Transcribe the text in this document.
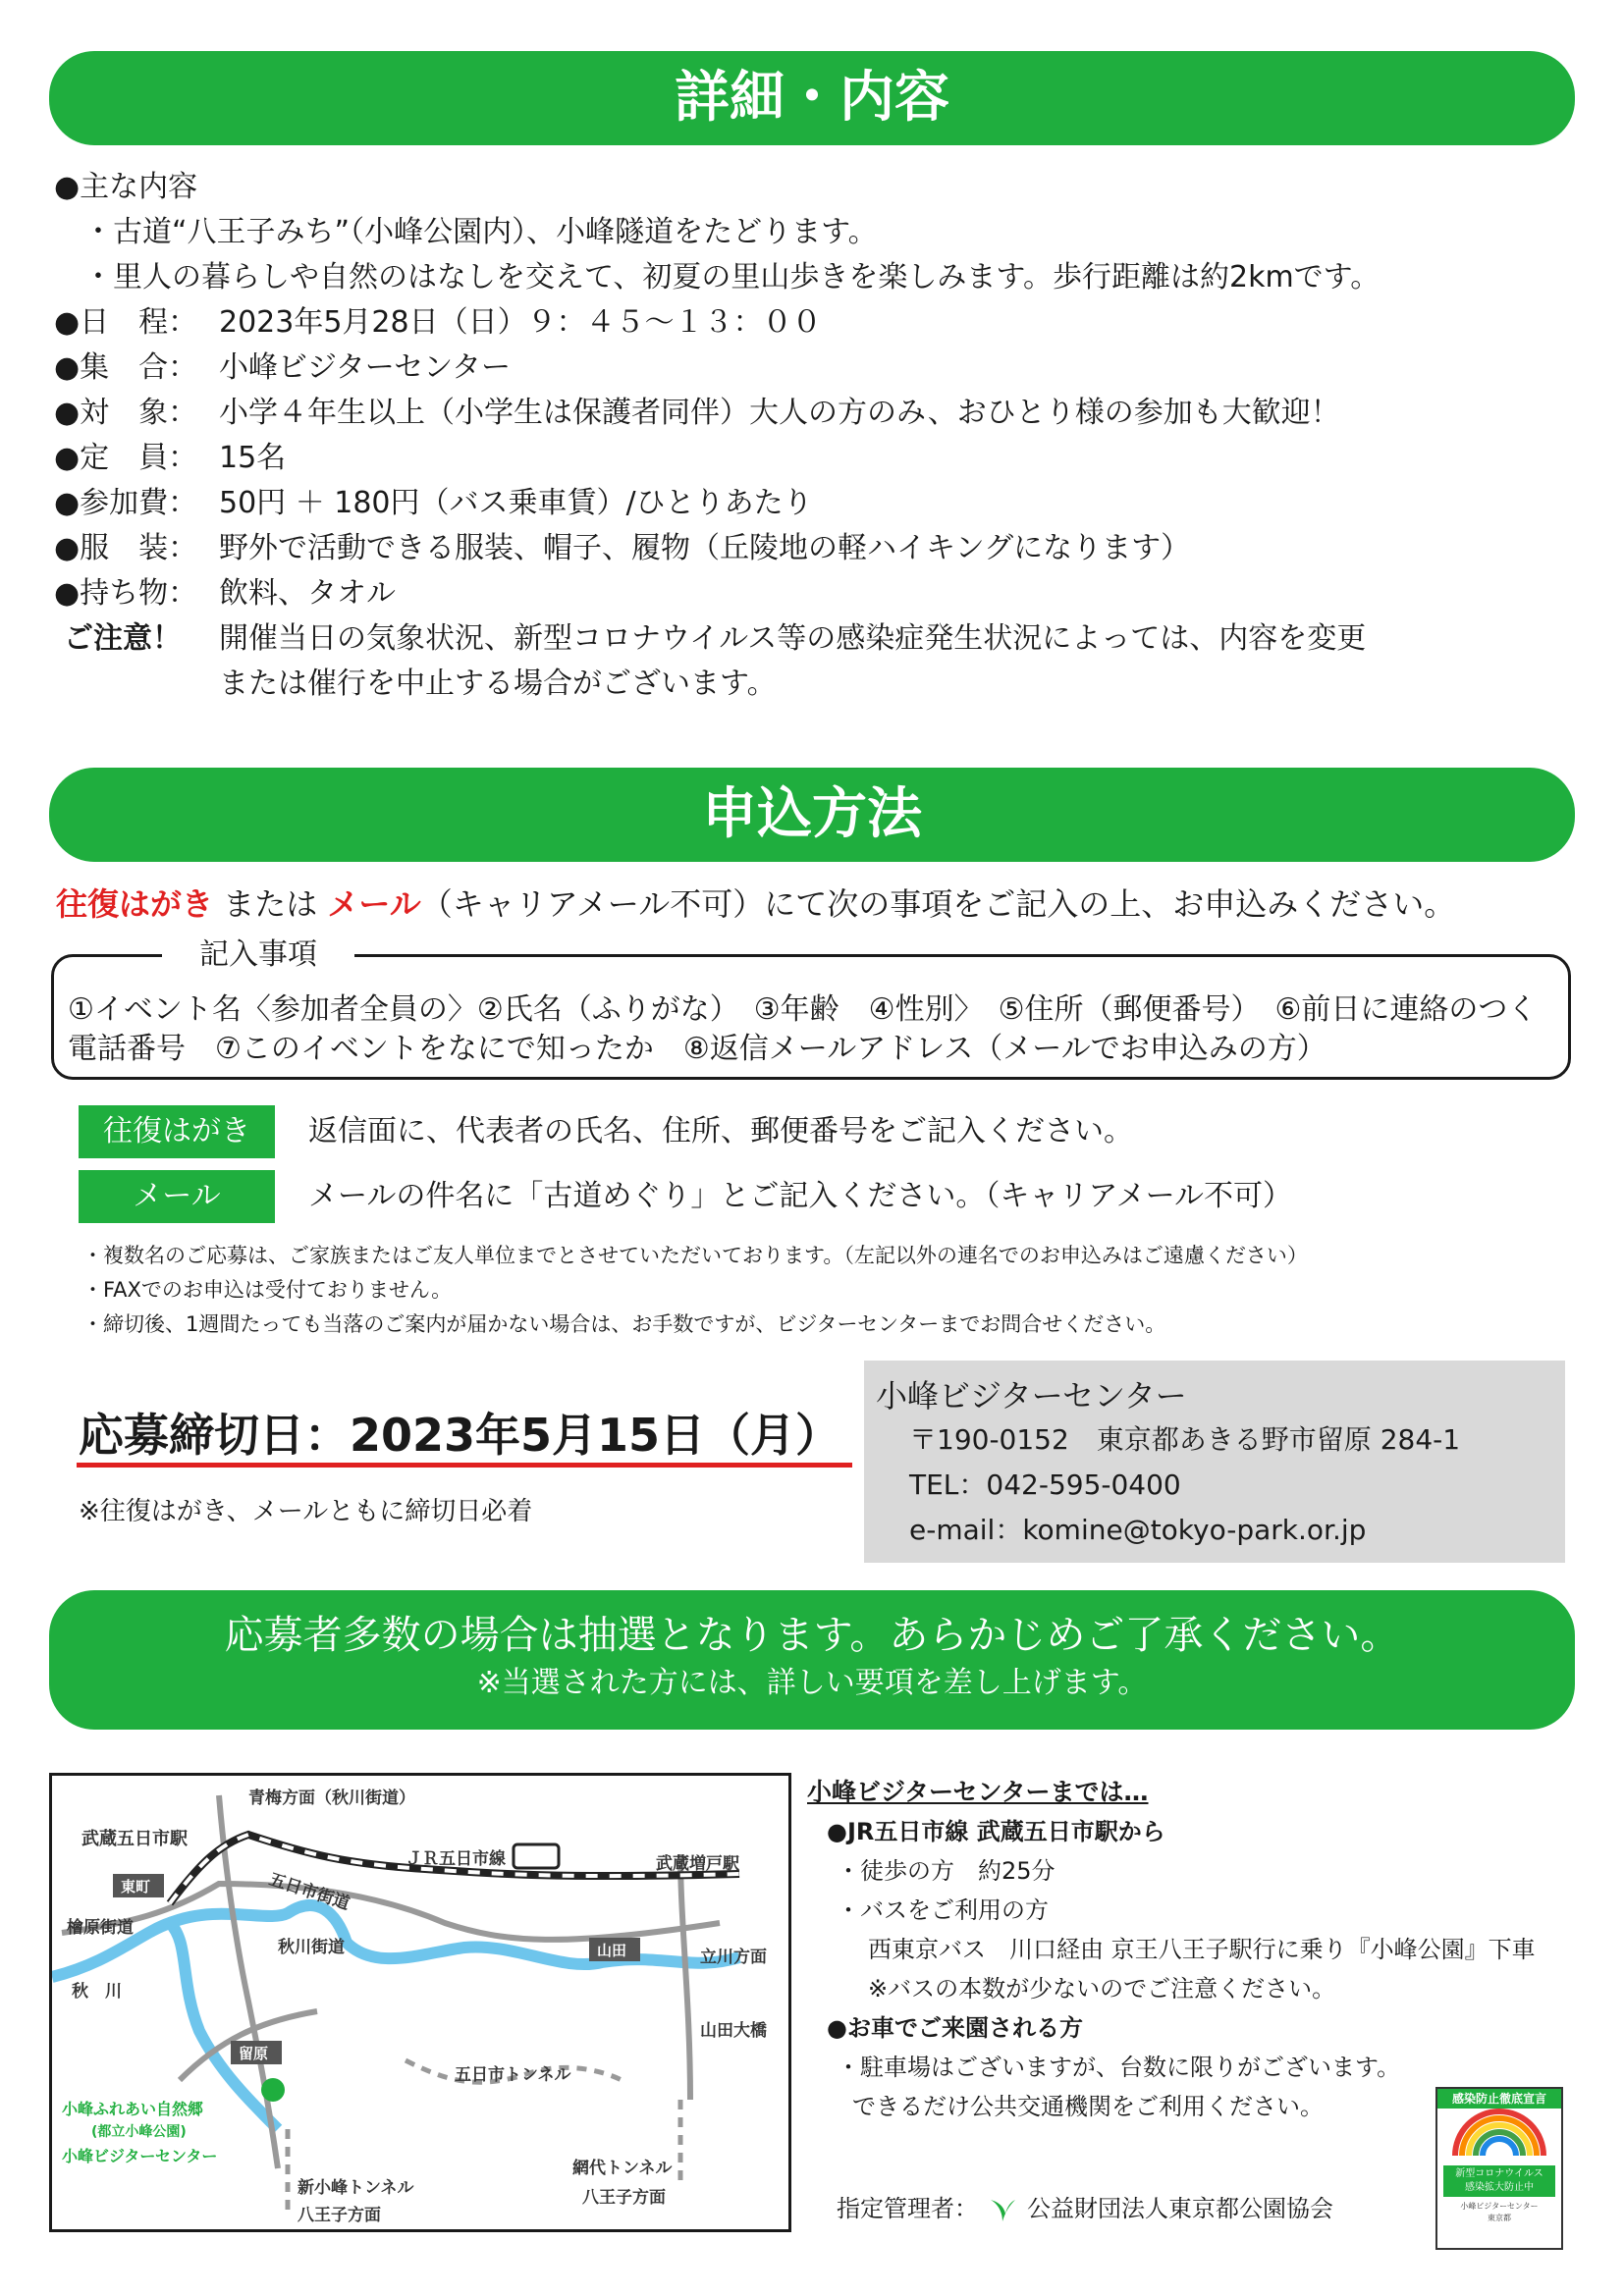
詳細・内容
●主な内容
・古道“八王子みち”（小峰公園内）、小峰隧道をたどります。
・里人の暮らしや自然のはなしを交えて、初夏の里山歩きを楽しみます。歩行距離は約2kmです。
●日　程： 2023年5月28日（日）９：４５～１３：００
●集　合： 小峰ビジターセンター
●対　象： 小学４年生以上（小学生は保護者同伴）大人の方のみ、おひとり様の参加も大歓迎！
●定　員： 15名
●参加費： 50円 ＋ 180円（バス乗車賃）/ひとりあたり
●服　装： 野外で活動できる服装、帽子、履物（丘陵地の軽ハイキングになります）
●持ち物： 飲料、タオル
ご注意！	開催当日の気象状況、新型コロナウイルス等の感染症発生状況によっては、内容を変更
または催行を中止する場合がございます。
申込方法
往復はがき または メール（キャリアメール不可）にて次の事項をご記入の上、お申込みください。
記入事項
①イベント名〈参加者全員の〉②氏名（ふりがな）　③年齢　④性別〉　⑤住所（郵便番号）　⑥前日に連絡のつく電話番号　⑦このイベントをなにで知ったか　⑧返信メールアドレス（メールでお申込みの方）
往復はがき	返信面に、代表者の氏名、住所、郵便番号をご記入ください。
メール	メールの件名に「古道めぐり」とご記入ください。（キャリアメール不可）
・複数名のご応募は、ご家族またはご友人単位までとさせていただいております。（左記以外の連名でのお申込みはご遠慮ください）
・FAXでのお申込は受付ておりません。
・締切後、1週間たっても当落のご案内が届かない場合は、お手数ですが、ビジターセンターまでお問合せください。
応募締切日：2023年5月15日（月）
※往復はがき、メールともに締切日必着
小峰ビジターセンター
〒190-0152　東京都あきる野市留原 284-1
TEL：042-595-0400
e-mail：komine@tokyo-park.or.jp
応募者多数の場合は抽選となります。あらかじめご了承ください。
※当選された方には、詳しい要項を差し上げます。
青梅方面（秋川街道）
武蔵五日市駅
ＪＲ五日市線	武蔵増戸駅
東町	五日市街道
檜原街道
秋　川
秋川街道	山田	立川方面
山田大橋
留原
五日市トンネル
小峰ふれあい自然郷
(都立小峰公園)
小峰ビジターセンター
新小峰トンネル
八王子方面
網代トンネル
八王子方面
小峰ビジターセンターまでは…
●JR五日市線 武蔵五日市駅から
・徒歩の方　約25分
・バスをご利用の方
西東京バス　川口経由 京王八王子駅行に乗り『小峰公園』下車
※バスの本数が少ないのでご注意ください。
●お車でご来園される方
・駐車場はございますが、台数に限りがございます。
できるだけ公共交通機関をご利用ください。
指定管理者： 公益財団法人東京都公園協会
感染防止徹底宣言
新型コロナウイルス
感染拡大防止中
小峰ビジターセンター
東京都
